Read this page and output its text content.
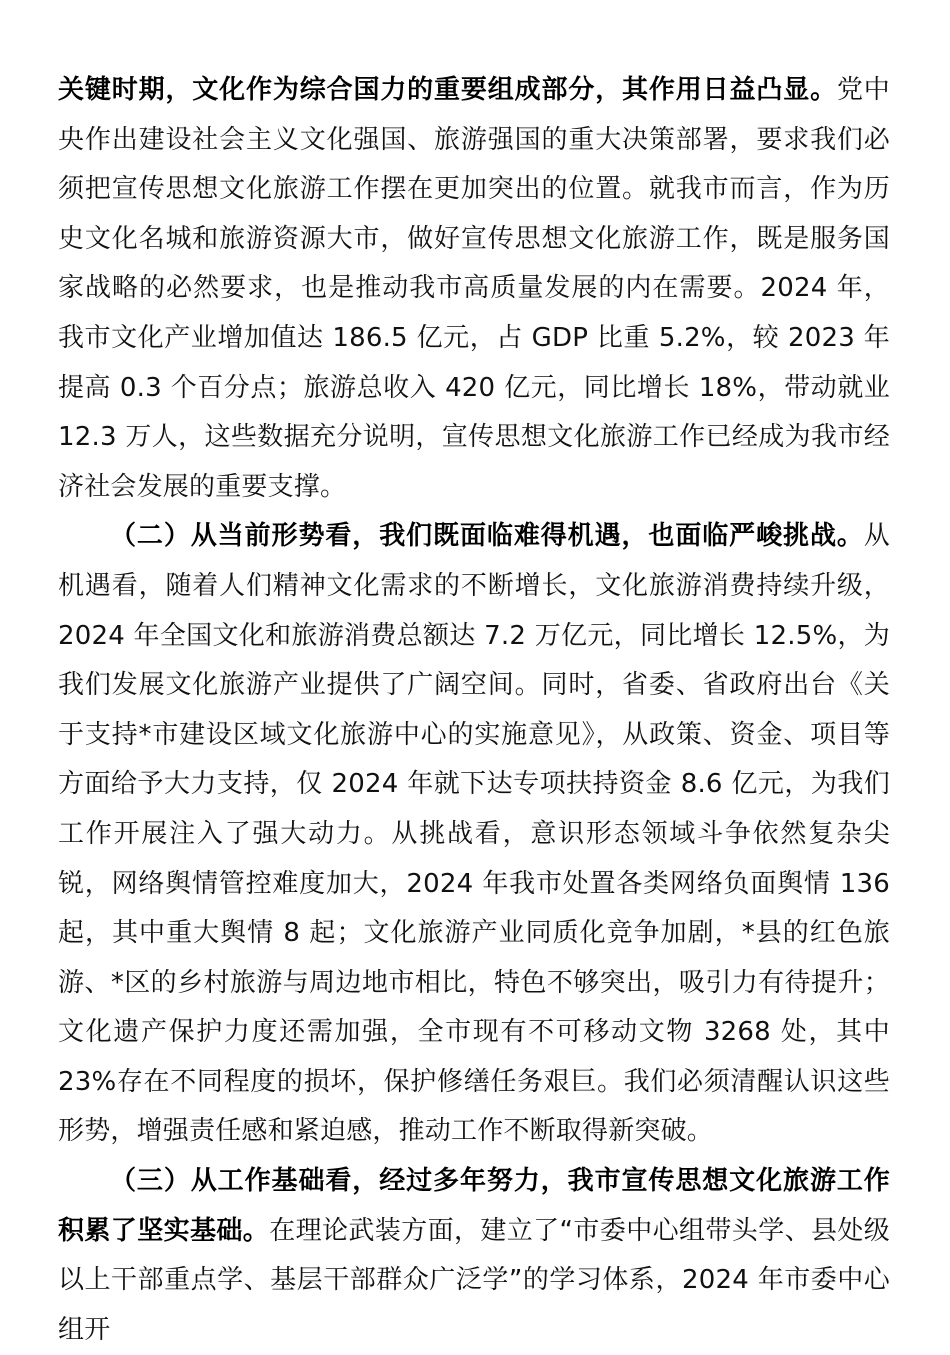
关键时期，文化作为综合国力的重要组成部分，其作用日益凸显。党中央作出建设社会主义文化强国、旅游强国的重大决策部署，要求我们必须把宣传思想文化旅游工作摆在更加突出的位置。就我市而言，作为历史文化名城和旅游资源大市，做好宣传思想文化旅游工作，既是服务国家战略的必然要求，也是推动我市高质量发展的内在需要。2024 年，我市文化产业增加值达 186.5 亿元，占 GDP 比重 5.2%，较 2023 年提高 0.3 个百分点；旅游总收入 420 亿元，同比增长 18%，带动就业 12.3 万人，这些数据充分说明，宣传思想文化旅游工作已经成为我市经济社会发展的重要支撑。

（二）从当前形势看，我们既面临难得机遇，也面临严峻挑战。从机遇看，随着人们精神文化需求的不断增长，文化旅游消费持续升级，2024 年全国文化和旅游消费总额达 7.2 万亿元，同比增长 12.5%，为我们发展文化旅游产业提供了广阔空间。同时，省委、省政府出台《关于支持*市建设区域文化旅游中心的实施意见》，从政策、资金、项目等方面给予大力支持，仅 2024 年就下达专项扶持资金 8.6 亿元，为我们工作开展注入了强大动力。从挑战看，意识形态领域斗争依然复杂尖锐，网络舆情管控难度加大，2024 年我市处置各类网络负面舆情 136 起，其中重大舆情 8 起；文化旅游产业同质化竞争加剧，*县的红色旅游、*区的乡村旅游与周边地市相比，特色不够突出，吸引力有待提升；文化遗产保护力度还需加强，全市现有不可移动文物 3268 处，其中 23%存在不同程度的损坏，保护修缮任务艰巨。我们必须清醒认识这些形势，增强责任感和紧迫感，推动工作不断取得新突破。

（三）从工作基础看，经过多年努力，我市宣传思想文化旅游工作积累了坚实基础。在理论武装方面，建立了“市委中心组带头学、县处级以上干部重点学、基层干部群众广泛学”的学习体系，2024 年市委中心组开
